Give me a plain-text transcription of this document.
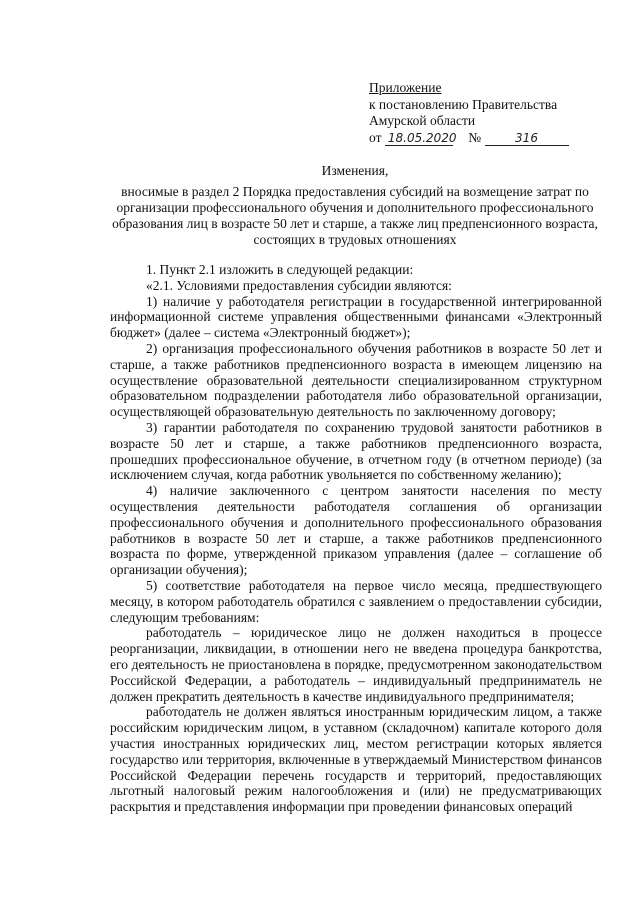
Приложение
к постановлению Правительства
Амурской области
от 18.05.2020 №	316
Изменения,
вносимые в раздел 2 Порядка предоставления субсидий на возмещение затрат по организации профессионального обучения и дополнительного профессионального образования лиц в возрасте 50 лет и старше, а также лиц предпенсионного возраста, состоящих в трудовых отношениях

1. Пункт 2.1 изложить в следующей редакции:

«2.1. Условиями предоставления субсидии являются:

1) наличие у работодателя регистрации в государственной интегрированной информационной системе управления общественными финансами «Электронный бюджет» (далее – система «Электронный бюджет»);

2) организация профессионального обучения работников в возрасте 50 лет и старше, а также работников предпенсионного возраста в имеющем лицензию на осуществление образовательной деятельности специализированном структурном образовательном подразделении работодателя либо образовательной организации, осуществляющей образовательную деятельность по заключенному договору;

3) гарантии работодателя по сохранению трудовой занятости работников в возрасте 50 лет и старше, а также работников предпенсионного возраста, прошедших профессиональное обучение, в отчетном году (в отчетном периоде) (за исключением случая, когда работник увольняется по собственному желанию);

4) наличие заключенного с центром занятости населения по месту осуществления деятельности работодателя соглашения об организации профессионального обучения и дополнительного профессионального образования работников в возрасте 50 лет и старше, а также работников предпенсионного возраста по форме, утвержденной приказом управления (далее – соглашение об организации обучения);

5) соответствие работодателя на первое число месяца, предшествующего месяцу, в котором работодатель обратился с заявлением о предоставлении субсидии, следующим требованиям:

работодатель – юридическое лицо не должен находиться в процессе реорганизации, ликвидации, в отношении него не введена процедура банкротства, его деятельность не приостановлена в порядке, предусмотренном законодательством Российской Федерации, а работодатель – индивидуальный предприниматель не должен прекратить деятельность в качестве индивидуального предпринимателя;

работодатель не должен являться иностранным юридическим лицом, а также российским юридическим лицом, в уставном (складочном) капитале которого доля участия иностранных юридических лиц, местом регистрации которых является государство или территория, включенные в утверждаемый Министерством финансов Российской Федерации перечень государств и территорий, предоставляющих льготный налоговый режим налогообложения и (или) не предусматривающих раскрытия и представления информации при проведении финансовых операций
